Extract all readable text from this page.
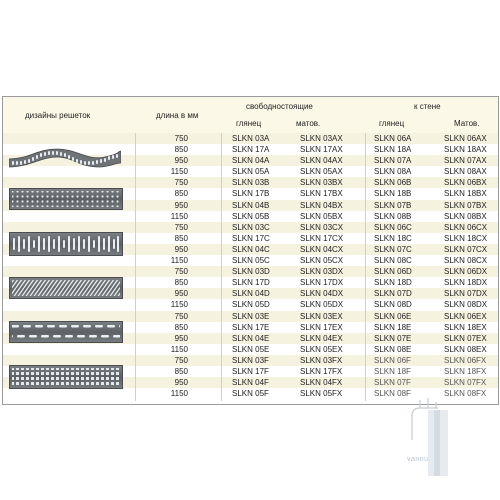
дизайны решеток	длина в мм
свободностоящие	к стене
глянец	матов.	глянец	Матов.
750	SLKN 03A	SLKN 03AX	SLKN 06A	SLKN 06AX
850	SLKN 17A	SLKN 17AX	SLKN 18A	SLKN 18AX
950	SLKN 04A	SLKN 04AX	SLKN 07A	SLKN 07AX
1150	SLKN 05A	SLKN 05AX	SLKN 08A	SLKN 08AX
750	SLKN 03B	SLKN 03BX	SLKN 06B	SLKN 06BX
850	SLKN 17B	SLKN 17BX	SLKN 18B	SLKN 18BX
950	SLKN 04B	SLKN 04BX	SLKN 07B	SLKN 07BX
1150	SLKN 05B	SLKN 05BX	SLKN 08B	SLKN 08BX
750	SLKN 03C	SLKN 03CX	SLKN 06C	SLKN 06CX
850	SLKN 17C	SLKN 17CX	SLKN 18C	SLKN 18CX
950	SLKN 04C	SLKN 04CX	SLKN 07C	SLKN 07CX
1150	SLKN 05C	SLKN 05CX	SLKN 08C	SLKN 08CX
750	SLKN 03D	SLKN 03DX	SLKN 06D	SLKN 06DX
850	SLKN 17D	SLKN 17DX	SLKN 18D	SLKN 18DX
950	SLKN 04D	SLKN 04DX	SLKN 07D	SLKN 07DX
1150	SLKN 05D	SLKN 05DX	SLKN 08D	SLKN 08DX
750	SLKN 03E	SLKN 03EX	SLKN 06E	SLKN 06EX
850	SLKN 17E	SLKN 17EX	SLKN 18E	SLKN 18EX
950	SLKN 04E	SLKN 04EX	SLKN 07E	SLKN 07EX
1150	SLKN 05E	SLKN 05EX	SLKN 08E	SLKN 08EX
750	SLKN 03F	SLKN 03FX	SLKN 06F	SLKN 06FX
850	SLKN 17F	SLKN 17FX	SLKN 18F	SLKN 18FX
950	SLKN 04F	SLKN 04FX	SLKN 07F	SLKN 07FX
1150	SLKN 05F	SLKN 05FX	SLKN 08F	SLKN 08FX
vannu
